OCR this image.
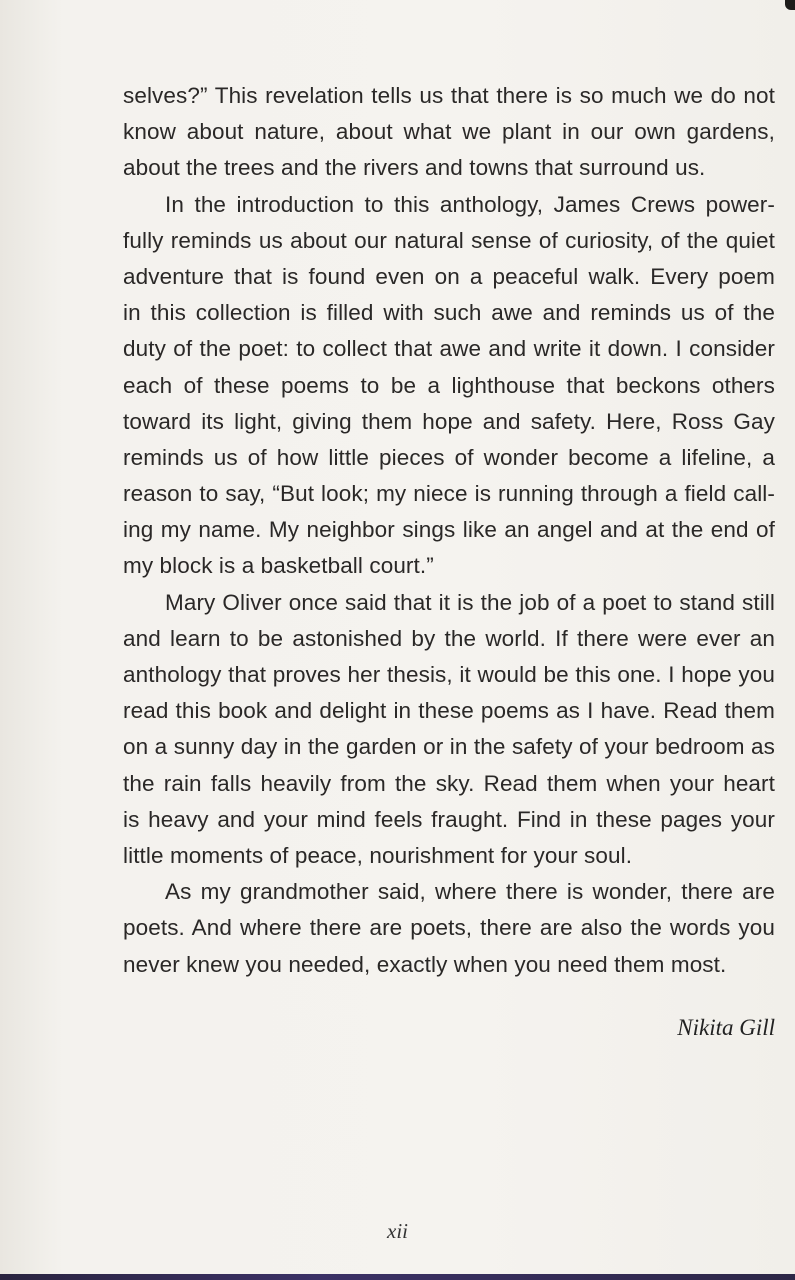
selves?” This revelation tells us that there is so much we do not
know about nature, about what we plant in our own gardens,
about the trees and the rivers and towns that surround us.
In the introduction to this anthology, James Crews power-
fully reminds us about our natural sense of curiosity, of the quiet
adventure that is found even on a peaceful walk. Every poem
in this collection is filled with such awe and reminds us of the
duty of the poet: to collect that awe and write it down. I consider
each of these poems to be a lighthouse that beckons others
toward its light, giving them hope and safety. Here, Ross Gay
reminds us of how little pieces of wonder become a lifeline, a
reason to say, “But look; my niece is running through a field call-
ing my name. My neighbor sings like an angel and at the end of
my block is a basketball court.”
Mary Oliver once said that it is the job of a poet to stand still
and learn to be astonished by the world. If there were ever an
anthology that proves her thesis, it would be this one. I hope you
read this book and delight in these poems as I have. Read them
on a sunny day in the garden or in the safety of your bedroom as
the rain falls heavily from the sky. Read them when your heart
is heavy and your mind feels fraught. Find in these pages your
little moments of peace, nourishment for your soul.
As my grandmother said, where there is wonder, there are
poets. And where there are poets, there are also the words you
never knew you needed, exactly when you need them most.
Nikita Gill
xii
